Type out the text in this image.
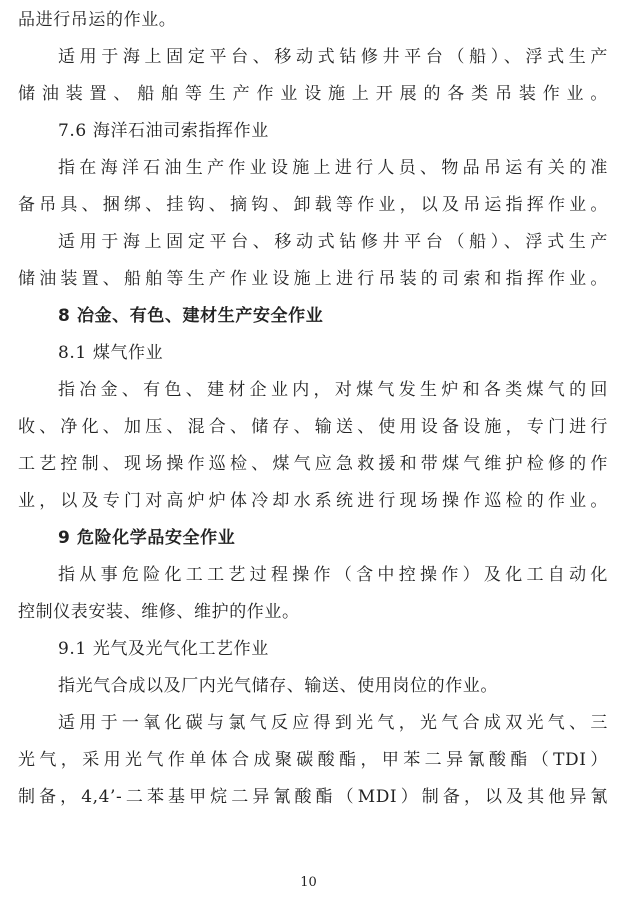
品进行吊运的作业。
适用于海上固定平台、移动式钻修井平台（船）、浮式生产
储油装置、船舶等生产作业设施上开展的各类吊装作业。
7.6 海洋石油司索指挥作业
指在海洋石油生产作业设施上进行人员、物品吊运有关的准
备吊具、捆绑、挂钩、摘钩、卸载等作业，以及吊运指挥作业。
适用于海上固定平台、移动式钻修井平台（船）、浮式生产
储油装置、船舶等生产作业设施上进行吊装的司索和指挥作业。
8 冶金、有色、建材生产安全作业
8.1 煤气作业
指冶金、有色、建材企业内，对煤气发生炉和各类煤气的回
收、净化、加压、混合、储存、输送、使用设备设施，专门进行
工艺控制、现场操作巡检、煤气应急救援和带煤气维护检修的作
业，以及专门对高炉炉体冷却水系统进行现场操作巡检的作业。
9 危险化学品安全作业
指从事危险化工工艺过程操作（含中控操作）及化工自动化
控制仪表安装、维修、维护的作业。
9.1 光气及光气化工艺作业
指光气合成以及厂内光气储存、输送、使用岗位的作业。
适用于一氧化碳与氯气反应得到光气，光气合成双光气、三
光气，采用光气作单体合成聚碳酸酯，甲苯二异氰酸酯（TDI）
制备，4,4’-二苯基甲烷二异氰酸酯（MDI）制备，以及其他异氰
10
